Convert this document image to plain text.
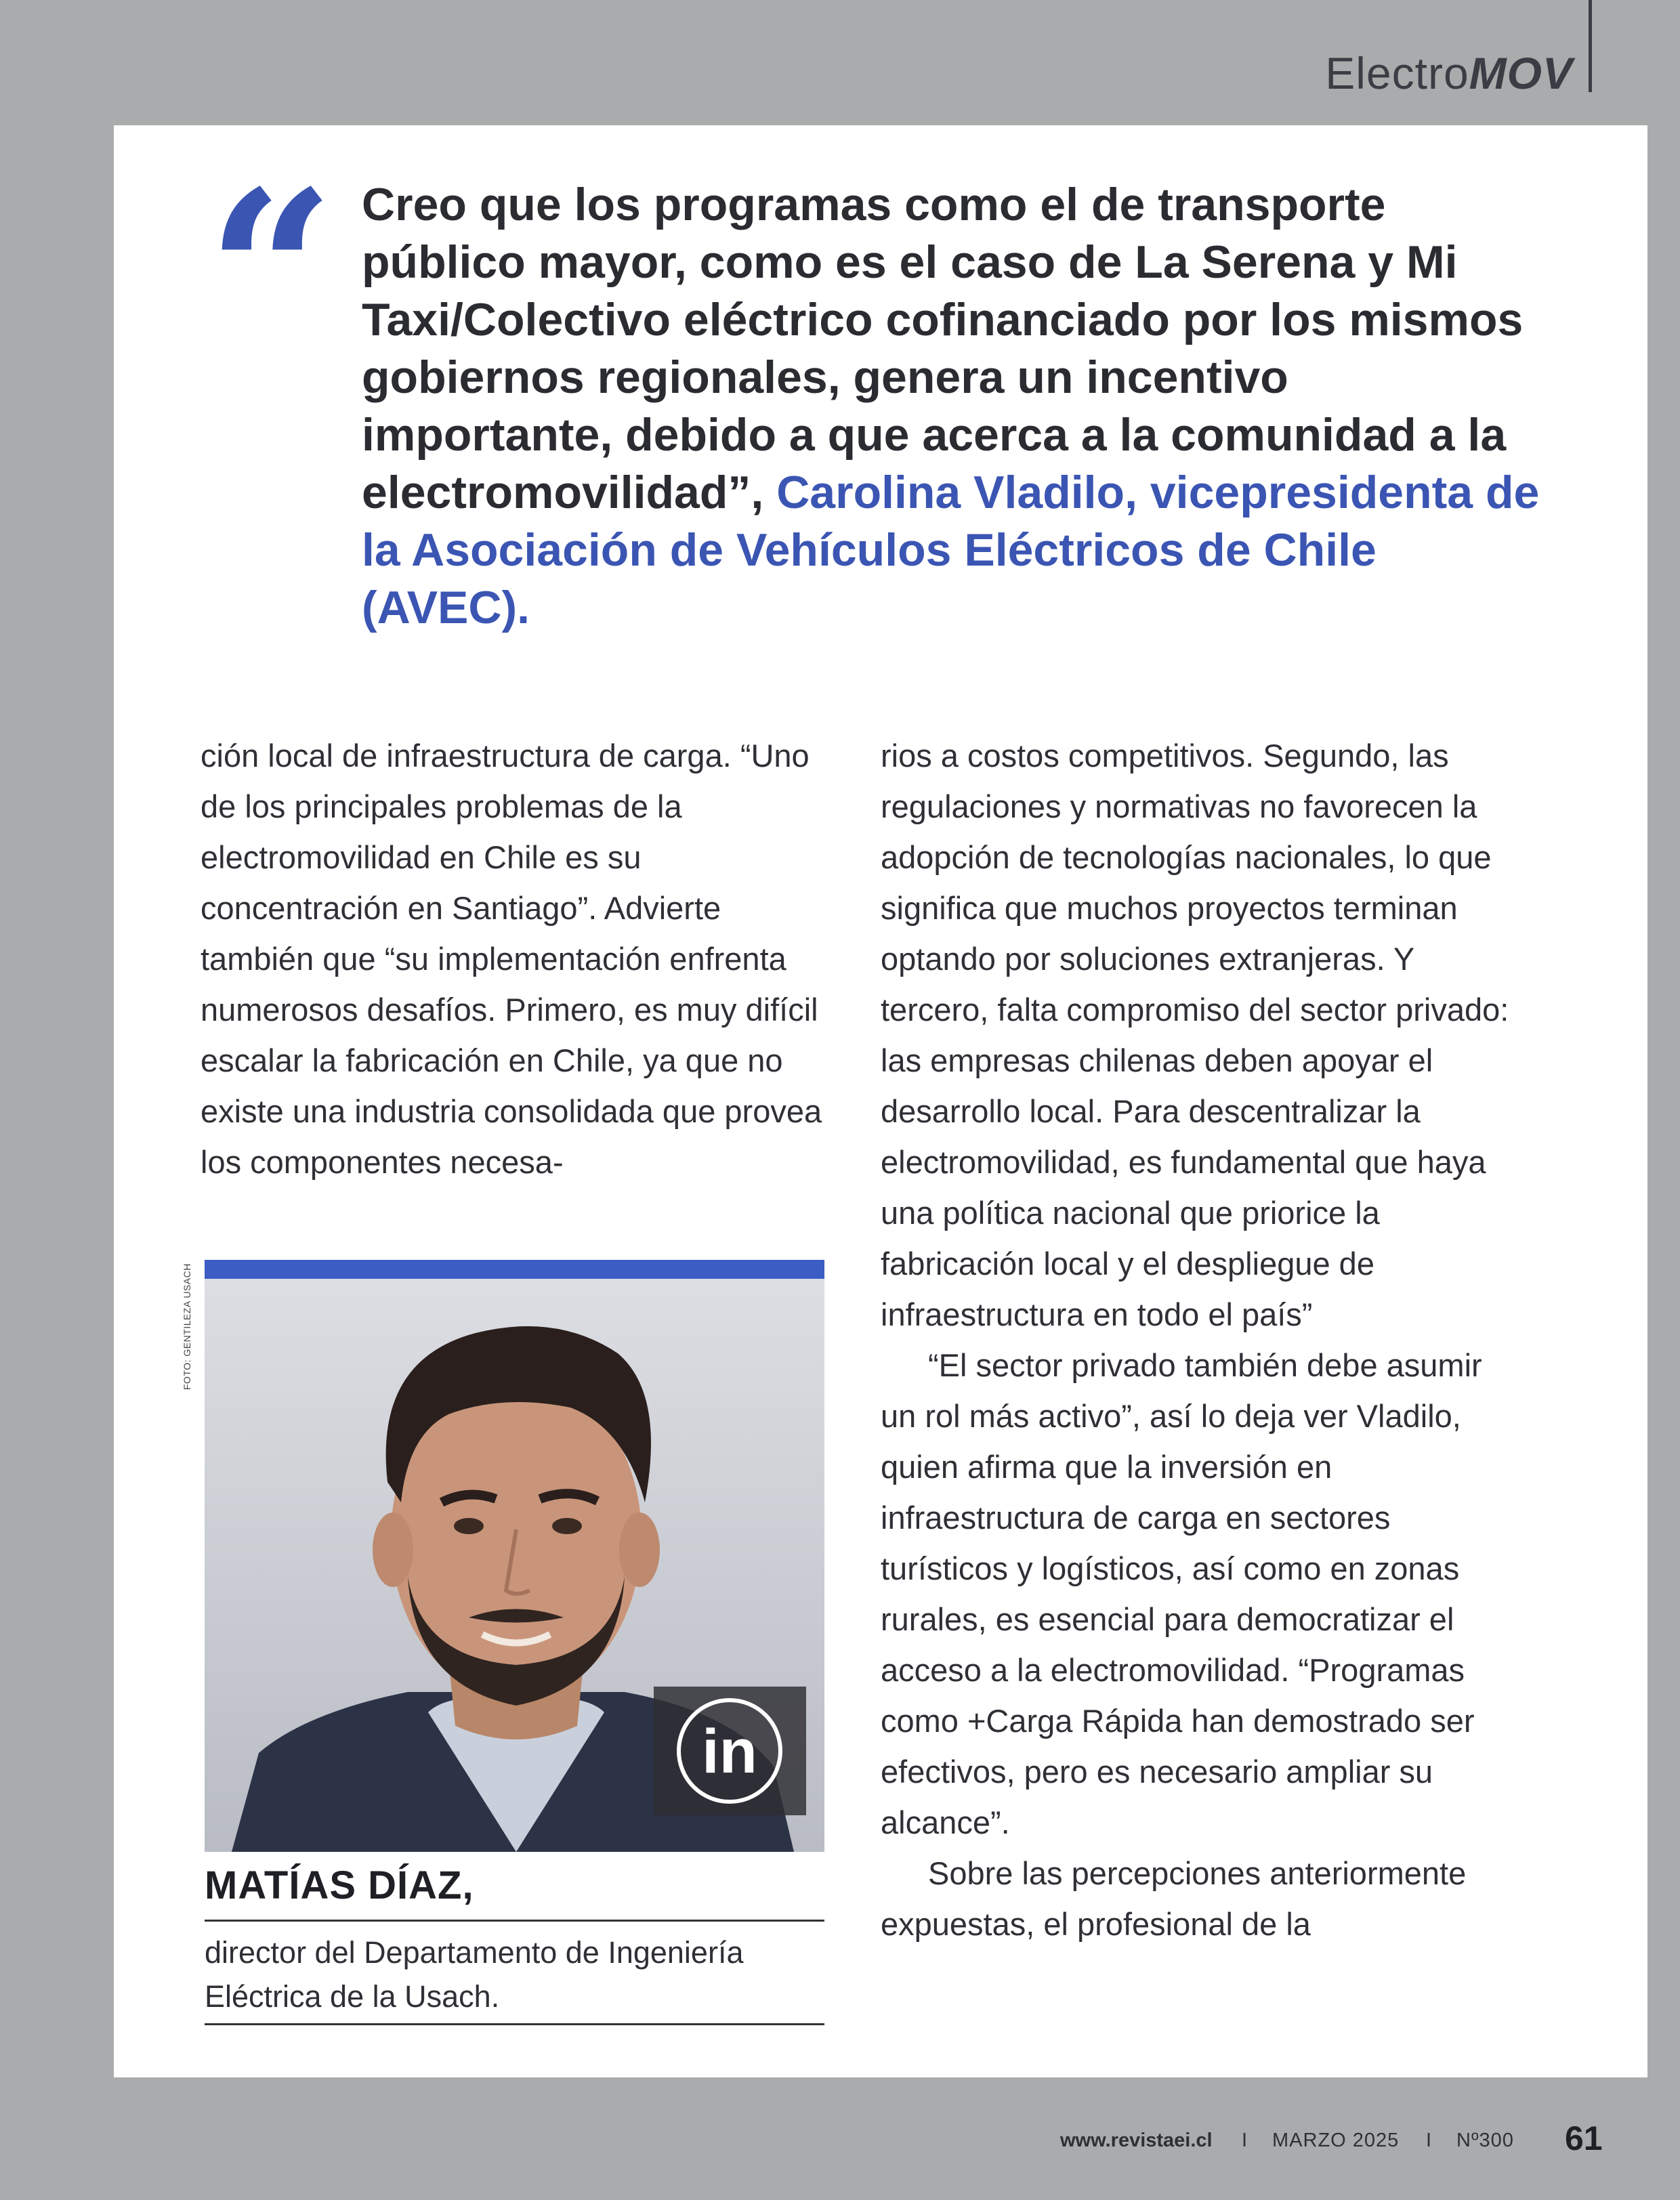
ElectroMOV
“ Creo que los programas como el de transporte público mayor, como es el caso de La Serena y Mi Taxi/Colectivo eléctrico cofinanciado por los mismos gobiernos regionales, genera un incentivo importante, debido a que acerca a la comunidad a la electromovilidad”, Carolina Vladilo, vicepresidenta de la Asociación de Vehículos Eléctricos de Chile (AVEC).

ción local de infraestructura de carga. “Uno de los principales problemas de la electromovilidad en Chile es su concentración en Santiago”. Advierte también que “su implementación enfrenta numerosos desafíos. Primero, es muy difícil escalar la fabricación en Chile, ya que no existe una industria consolidada que provea los componentes necesa-

rios a costos competitivos. Segundo, las regulaciones y normativas no favorecen la adopción de tecnologías nacionales, lo que significa que muchos proyectos terminan optando por soluciones extranjeras. Y tercero, falta compromiso del sector privado: las empresas chilenas deben apoyar el desarrollo local. Para descentralizar la electromovilidad, es fundamental que haya una política nacional que priorice la fabricación local y el despliegue de infraestructura en todo el país”

“El sector privado también debe asumir un rol más activo”, así lo deja ver Vladilo, quien afirma que la inversión en infraestructura de carga en sectores turísticos y logísticos, así como en zonas rurales, es esencial para democratizar el acceso a la electromovilidad. “Programas como +Carga Rápida han demostrado ser efectivos, pero es necesario ampliar su alcance”.

Sobre las percepciones anteriormente expuestas, el profesional de la

FOTO: GENTILEZA USACH
in
MATÍAS DÍAZ,
director del Departamento de Ingeniería Eléctrica de la Usach.
www.revistaei.cl I MARZO 2025 I Nº300 61
